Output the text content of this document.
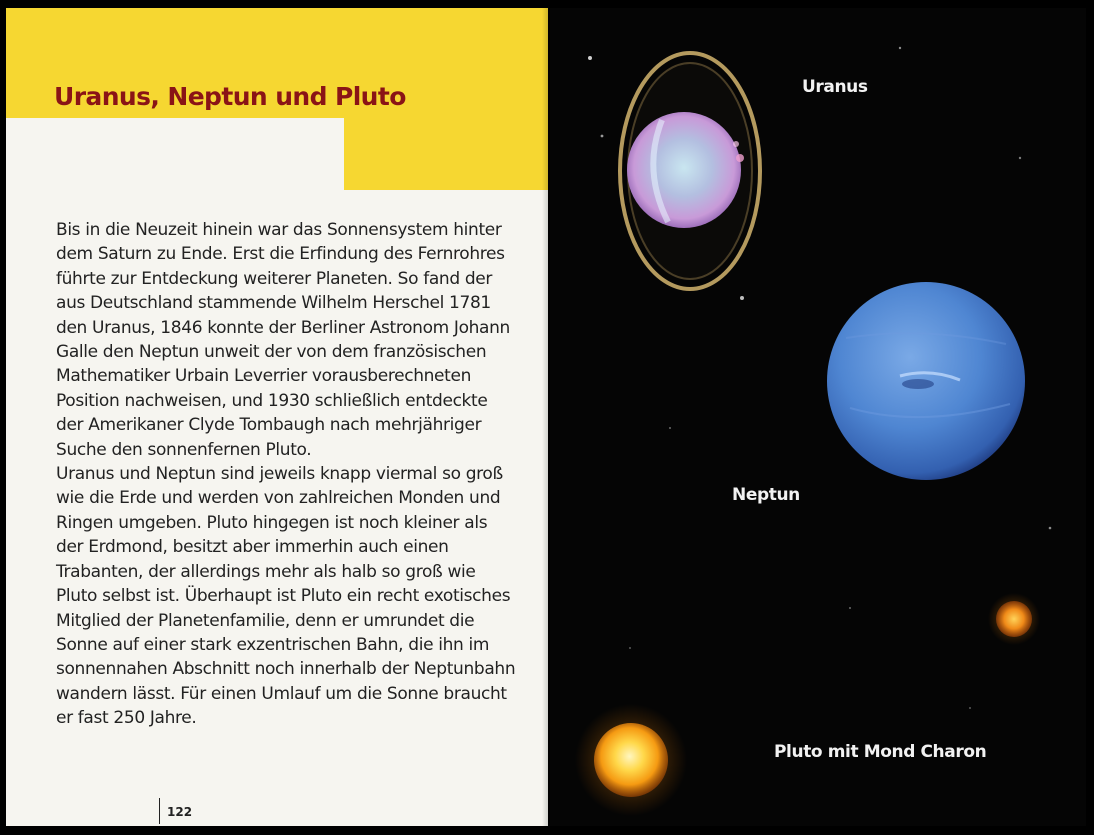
Uranus, Neptun und Pluto

Bis in die Neuzeit hinein war das Sonnensystem hinter dem Saturn zu Ende. Erst die Erfindung des Fernrohres führte zur Entdeckung weiterer Planeten. So fand der aus Deutschland stammende Wilhelm Herschel 1781 den Uranus, 1846 konnte der Berliner Astronom Johann Galle den Neptun unweit der von dem französischen Mathematiker Urbain Leverrier vorausberechneten Position nachweisen, und 1930 schließlich entdeckte der Amerikaner Clyde Tombaugh nach mehrjähriger Suche den sonnenfernen Pluto.

Uranus und Neptun sind jeweils knapp viermal so groß wie die Erde und werden von zahlreichen Monden und Ringen umgeben. Pluto hingegen ist noch kleiner als der Erdmond, besitzt aber immerhin auch einen Trabanten, der allerdings mehr als halb so groß wie Pluto selbst ist. Überhaupt ist Pluto ein recht exotisches Mitglied der Planetenfamilie, denn er umrundet die Sonne auf einer stark exzentrischen Bahn, die ihn im sonnennahen Abschnitt noch innerhalb der Neptunbahn wandern lässt. Für einen Umlauf um die Sonne braucht er fast 250 Jahre.

122
Uranus
Neptun
Pluto mit Mond Charon
